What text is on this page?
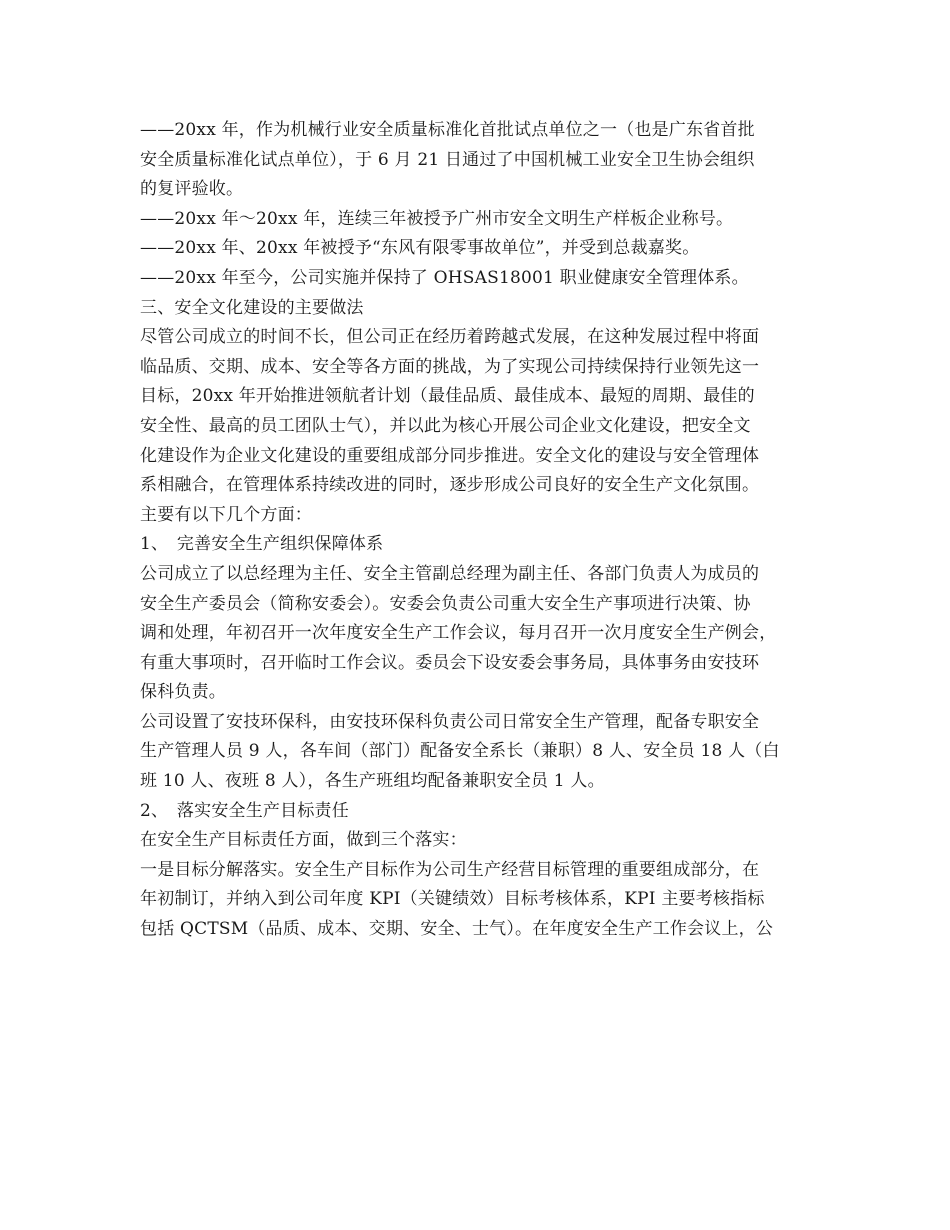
——20xx 年，作为机械行业安全质量标准化首批试点单位之一（也是广东省首批
安全质量标准化试点单位），于 6 月 21 日通过了中国机械工业安全卫生协会组织
的复评验收。
——20xx 年～20xx 年，连续三年被授予广州市安全文明生产样板企业称号。
——20xx 年、20xx 年被授予“东风有限零事故单位”，并受到总裁嘉奖。
——20xx 年至今，公司实施并保持了 OHSAS18001 职业健康安全管理体系。
三、安全文化建设的主要做法
尽管公司成立的时间不长，但公司正在经历着跨越式发展，在这种发展过程中将面
临品质、交期、成本、安全等各方面的挑战，为了实现公司持续保持行业领先这一
目标，20xx 年开始推进领航者计划（最佳品质、最佳成本、最短的周期、最佳的
安全性、最高的员工团队士气），并以此为核心开展公司企业文化建设，把安全文
化建设作为企业文化建设的重要组成部分同步推进。安全文化的建设与安全管理体
系相融合，在管理体系持续改进的同时，逐步形成公司良好的安全生产文化氛围。
主要有以下几个方面：
1、　完善安全生产组织保障体系
公司成立了以总经理为主任、安全主管副总经理为副主任、各部门负责人为成员的
安全生产委员会（简称安委会）。安委会负责公司重大安全生产事项进行决策、协
调和处理，年初召开一次年度安全生产工作会议，每月召开一次月度安全生产例会，
有重大事项时，召开临时工作会议。委员会下设安委会事务局，具体事务由安技环
保科负责。
公司设置了安技环保科，由安技环保科负责公司日常安全生产管理，配备专职安全
生产管理人员 9 人，各车间（部门）配备安全系长（兼职）8 人、安全员 18 人（白
班 10 人、夜班 8 人），各生产班组均配备兼职安全员 1 人。
2、　落实安全生产目标责任
在安全生产目标责任方面，做到三个落实：
一是目标分解落实。安全生产目标作为公司生产经营目标管理的重要组成部分，在
年初制订，并纳入到公司年度 KPI（关键绩效）目标考核体系，KPI 主要考核指标
包括 QCTSM（品质、成本、交期、安全、士气）。在年度安全生产工作会议上，公
